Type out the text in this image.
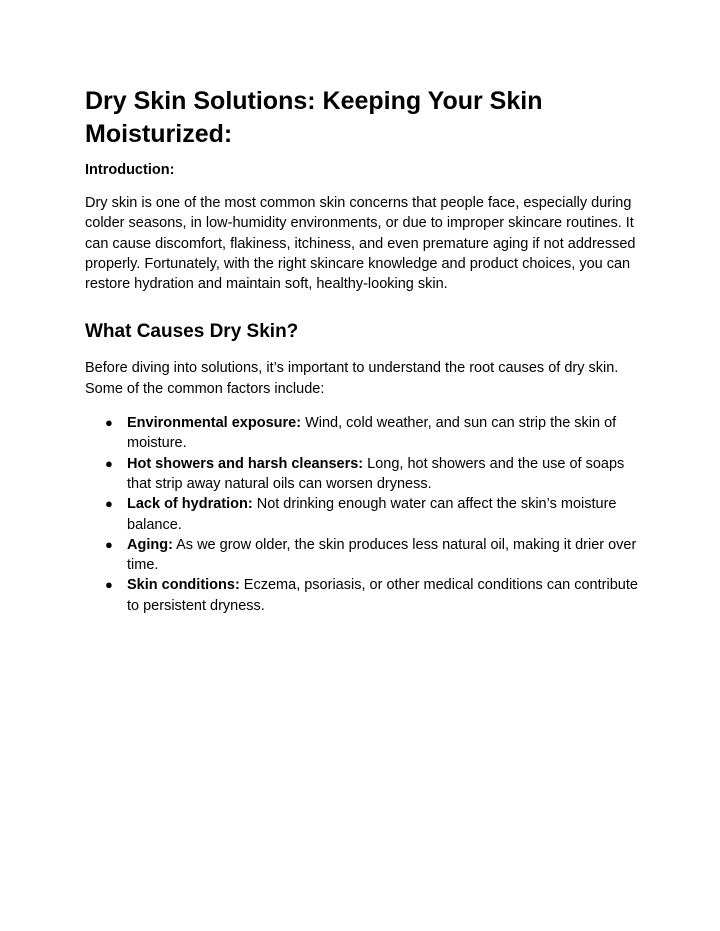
Dry Skin Solutions: Keeping Your Skin Moisturized:
Introduction:

Dry skin is one of the most common skin concerns that people face, especially during colder seasons, in low-humidity environments, or due to improper skincare routines. It can cause discomfort, flakiness, itchiness, and even premature aging if not addressed properly. Fortunately, with the right skincare knowledge and product choices, you can restore hydration and maintain soft, healthy-looking skin.

What Causes Dry Skin?

Before diving into solutions, it’s important to understand the root causes of dry skin. Some of the common factors include:

● Environmental exposure: Wind, cold weather, and sun can strip the skin of moisture.
● Hot showers and harsh cleansers: Long, hot showers and the use of soaps that strip away natural oils can worsen dryness.
● Lack of hydration: Not drinking enough water can affect the skin’s moisture balance.
● Aging: As we grow older, the skin produces less natural oil, making it drier over time.
● Skin conditions: Eczema, psoriasis, or other medical conditions can contribute to persistent dryness.
